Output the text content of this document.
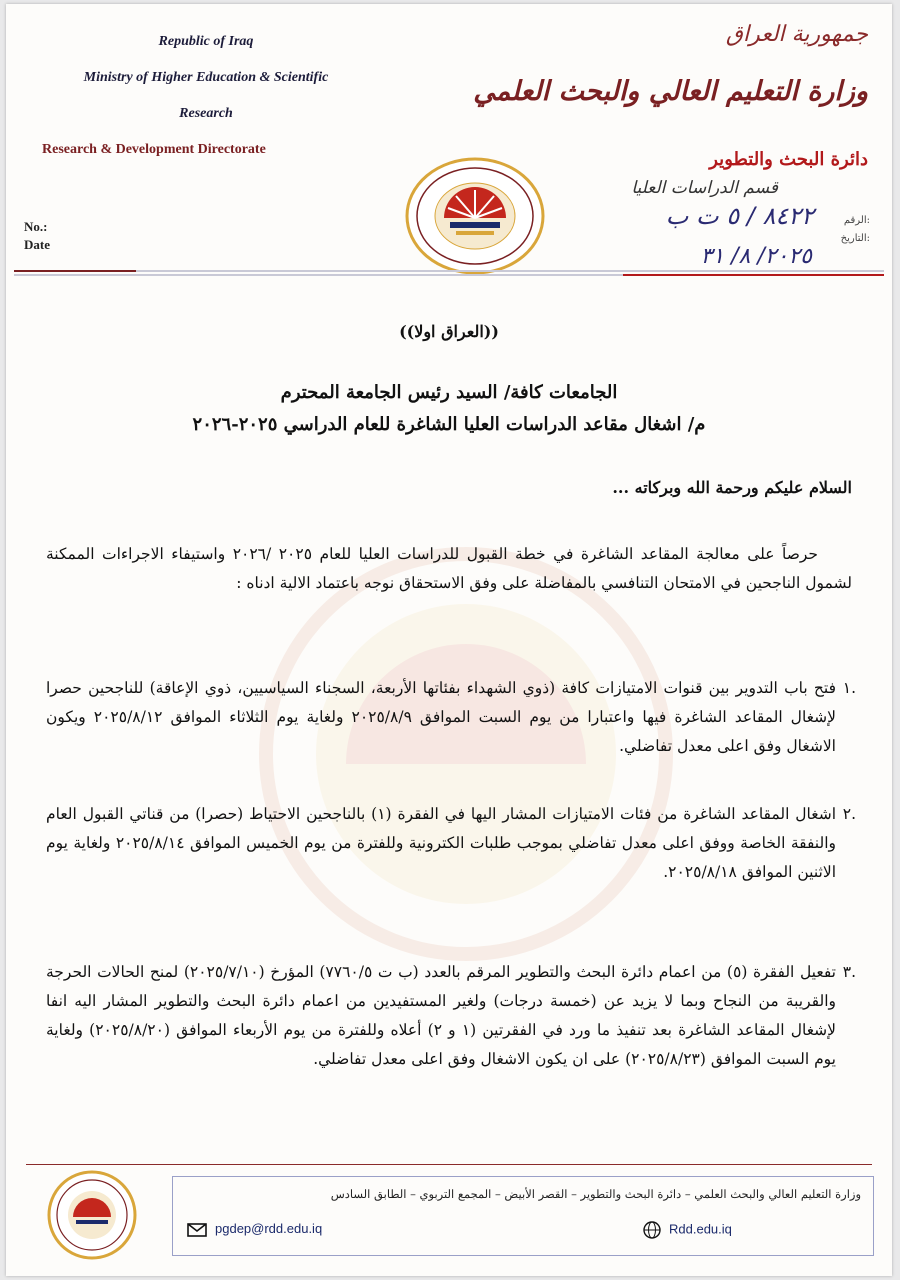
Republic of Iraq
Ministry of Higher Education & Scientific
Research
Research & Development Directorate
جمهورية العراق
وزارة التعليم العالي والبحث العلمي
دائرة البحث والتطوير
قسم الدراسات العليا
No.:
Date
الرقم:
التاريخ:
٨٤٢٢ / ٥ ت ب
٢٠٢٥/ ٨/ ٣١
((العراق اولا))
الجامعات كافة/ السيد رئيس الجامعة المحترم
م/ اشغال مقاعد الدراسات العليا الشاغرة للعام الدراسي ٢٠٢٥-٢٠٢٦
السلام عليكم ورحمة الله وبركاته ...
حرصاً على معالجة المقاعد الشاغرة في خطة القبول للدراسات العليا للعام ٢٠٢٥ /٢٠٢٦ واستيفاء الاجراءات الممكنة لشمول الناجحين في الامتحان التنافسي بالمفاضلة على وفق الاستحقاق نوجه باعتماد الالية ادناه :
.١
فتح باب التدوير بين قنوات الامتيازات كافة (ذوي الشهداء بفئاتها الأربعة، السجناء السياسيين، ذوي الإعاقة) للناجحين حصرا لإشغال المقاعد الشاغرة فيها واعتبارا من يوم السبت الموافق ٢٠٢٥/٨/٩ ولغاية يوم الثلاثاء الموافق ٢٠٢٥/٨/١٢ ويكون الاشغال وفق اعلى معدل تفاضلي.
.٢
اشغال المقاعد الشاغرة من فئات الامتيازات المشار اليها في الفقرة (١) بالناجحين الاحتياط (حصرا) من قناتي القبول العام والنفقة الخاصة ووفق اعلى معدل تفاضلي بموجب طلبات الكترونية وللفترة من يوم الخميس الموافق ٢٠٢٥/٨/١٤ ولغاية يوم الاثنين الموافق ٢٠٢٥/٨/١٨.
.٣
تفعيل الفقرة (٥) من اعمام دائرة البحث والتطوير المرقم بالعدد (ب ت ٧٧٦٠/٥) المؤرخ (٢٠٢٥/٧/١٠) لمنح الحالات الحرجة والقريبة من النجاح وبما لا يزيد عن (خمسة درجات) ولغير المستفيدين من اعمام دائرة البحث والتطوير المشار اليه انفا لإشغال المقاعد الشاغرة بعد تنفيذ ما ورد في الفقرتين (١ و ٢) أعلاه وللفترة من يوم الأربعاء الموافق (٢٠٢٥/٨/٢٠) ولغاية يوم السبت الموافق (٢٠٢٥/٨/٢٣) على ان يكون الاشغال وفق اعلى معدل تفاضلي.
وزارة التعليم العالي والبحث العلمي – دائرة البحث والتطوير – القصر الأبيض – المجمع التربوي – الطابق السادس
pgdep@rdd.edu.iq	Rdd.edu.iq
